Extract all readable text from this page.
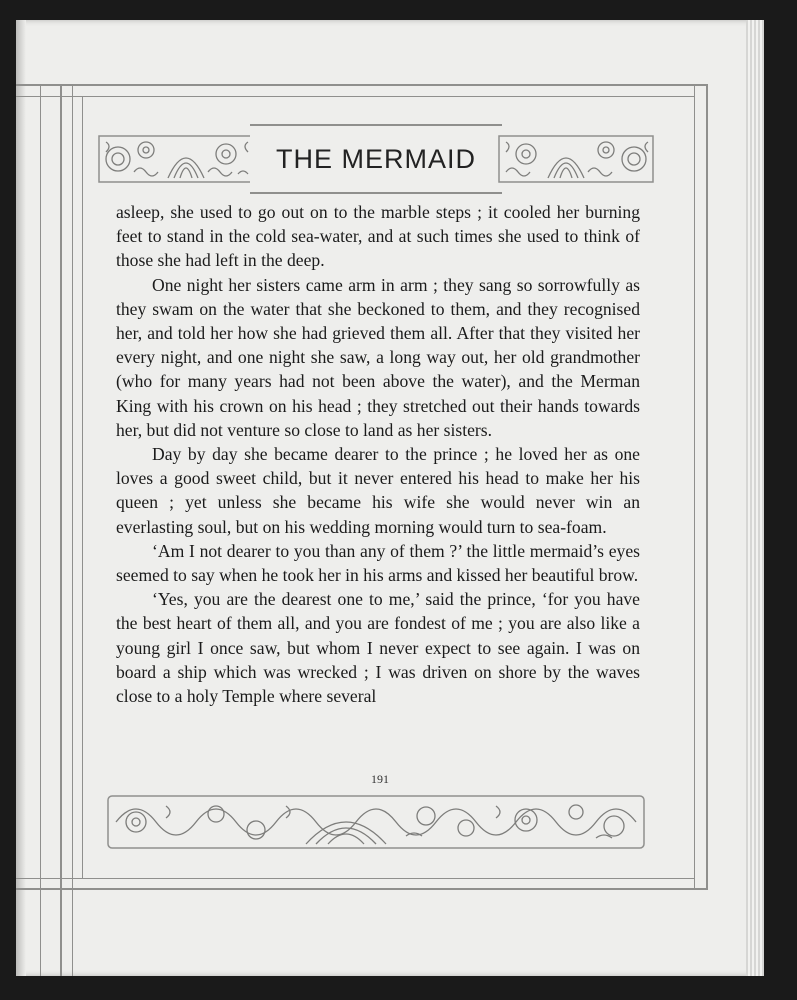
THE MERMAID

asleep, she used to go out on to the marble steps ; it cooled her burning feet to stand in the cold sea-water, and at such times she used to think of those she had left in the deep.

One night her sisters came arm in arm ; they sang so sorrowfully as they swam on the water that she beckoned to them, and they recognised her, and told her how she had grieved them all. After that they visited her every night, and one night she saw, a long way out, her old grandmother (who for many years had not been above the water), and the Merman King with his crown on his head ; they stretched out their hands towards her, but did not venture so close to land as her sisters.

Day by day she became dearer to the prince ; he loved her as one loves a good sweet child, but it never entered his head to make her his queen ; yet unless she became his wife she would never win an everlasting soul, but on his wedding morning would turn to sea-foam.

‘Am I not dearer to you than any of them ?’ the little mermaid’s eyes seemed to say when he took her in his arms and kissed her beautiful brow.

‘Yes, you are the dearest one to me,’ said the prince, ‘for you have the best heart of them all, and you are fondest of me ; you are also like a young girl I once saw, but whom I never expect to see again. I was on board a ship which was wrecked ; I was driven on shore by the waves close to a holy Temple where several

191
